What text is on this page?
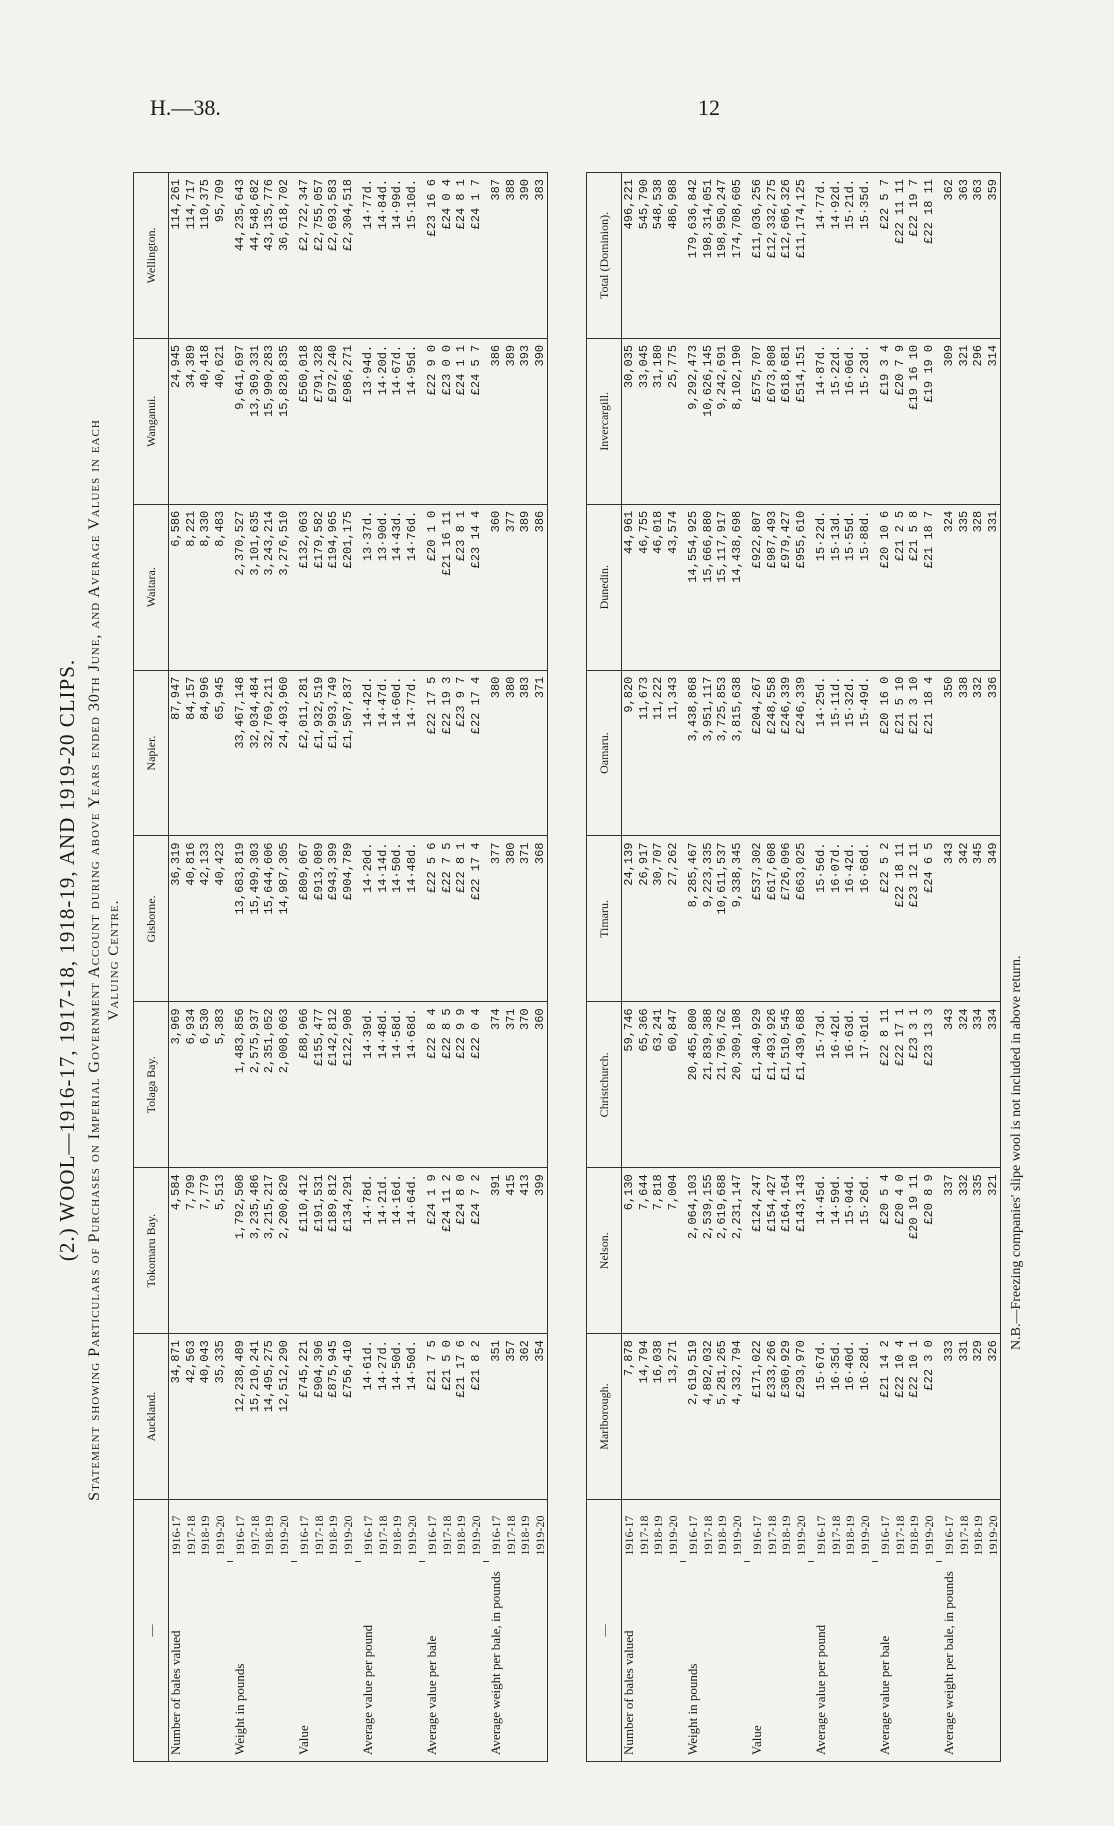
H.—38.	12
(2.) WOOL—1916-17, 1917-18, 1918-19, AND 1919-20 CLIPS. Statement showing Particulars of Purchases on Imperial Government Account during above Years ended 30th June, and Average Values in each Valuing Centre.
—		Auckland.	Tokomaru Bay.	Tolaga Bay.	Gisborne.	Napier.	Waitara.	Wanganui.	Wellington.
Number of bales valued	1916-17	34,871	4,584	3,969	36,319	87,947	6,586	24,945	114,261
	1917-18	42,563	7,799	6,934	40,816	84,157	8,221	34,389	114,717
	1918-19	40,043	7,779	6,530	42,133	84,996	8,330	40,418	110,375
	1919-20	35,335	5,513	5,383	40,423	65,945	8,483	40,621	95,709

Weight in pounds	1916-17	12,238,489	1,792,508	1,483,856	13,683,819	33,467,148	2,370,527	9,641,697	44,235,643
	1917-18	15,210,241	3,235,486	2,575,937	15,499,303	32,034,484	3,101,635	13,369,331	44,548,682
	1918-19	14,495,275	3,215,217	2,351,052	15,644,606	32,769,211	3,243,214	15,990,283	43,135,776
	1919-20	12,512,290	2,200,820	2,008,063	14,987,305	24,493,960	3,276,510	15,828,835	36,618,702

Value	1916-17	£745,221	£110,412	£88,966	£809,067	£2,011,281	£132,063	£560,018	£2,722,347
	1917-18	£904,396	£191,531	£155,477	£913,089	£1,932,519	£179,582	£791,328	£2,755,057
	1918-19	£875,945	£189,812	£142,812	£943,399	£1,993,749	£194,965	£972,240	£2,693,583
	1919-20	£756,410	£134,291	£122,908	£904,789	£1,507,837	£201,175	£986,271	£2,304,518

Average value per pound	1916-17	14·61d.	14·78d.	14·39d.	14·20d.	14·42d.	13·37d.	13·94d.	14·77d.
	1917-18	14·27d.	14·21d.	14·48d.	14·14d.	14·47d.	13·90d.	14·20d.	14·84d.
	1918-19	14·50d.	14·16d.	14·58d.	14·50d.	14·60d.	14·43d.	14·67d.	14·99d.
	1919-20	14·50d.	14·64d.	14·68d.	14·48d.	14·77d.	14·76d.	14·95d.	15·10d.

Average value per bale	1916-17	£21 7 5	£24 1 9	£22 8 4	£22 5 6	£22 17 5	£20 1 0	£22 9 0	£23 16 6
	1917-18	£21 5 0	£24 11 2	£22 8 5	£22 7 5	£22 19 3	£21 16 11	£23 0 0	£24 0 4
	1918-19	£21 17 6	£24 8 0	£22 9 9	£22 8 1	£23 9 7	£23 8 1	£24 1 1	£24 8 1
	1919-20	£21 8 2	£24 7 2	£22 0 4	£22 17 4	£22 17 4	£23 14 4	£24 5 7	£24 1 7

Average weight per bale, in pounds	1916-17	351	391	374	377	380	360	386	387
	1917-18	357	415	371	380	380	377	389	388
	1918-19	362	413	370	371	383	389	393	390
	1919-20	354	399	360	368	371	386	390	383

—		Marlborough.	Nelson.	Christchurch.	Timaru.	Oamaru.	Dunedin.	Invercargill.	Total (Dominion).
Number of bales valued	1916-17	7,878	6,130	59,746	24,139	9,820	44,961	30,035	496,221
	1917-18	14,794	7,644	65,366	26,917	11,673	46,755	33,045	545,790
	1918-19	16,038	7,818	63,241	30,707	11,222	46,018	31,180	548,538
	1919-20	13,271	7,004	60,847	27,262	11,343	43,574	25,775	486,988

Weight in pounds	1916-17	2,619,519	2,064,103	20,465,800	8,285,467	3,438,868	14,554,925	9,292,473	179,636,842
	1917-18	4,892,032	2,539,155	21,839,388	9,223,335	3,951,117	15,666,880	10,626,145	198,314,051
	1918-19	5,281,265	2,619,688	21,796,762	10,611,537	3,725,853	15,117,917	9,242,691	198,950,247
	1919-20	4,332,794	2,231,147	20,309,108	9,338,345	3,815,638	14,438,698	8,102,190	174,708,605

Value	1916-17	£171,022	£124,247	£1,340,929	£537,302	£204,267	£922,807	£575,707	£11,036,256
	1917-18	£333,266	£154,427	£1,493,926	£617,608	£248,558	£987,493	£673,808	£12,332,275
	1918-19	£360,929	£164,164	£1,510,545	£726,096	£246,339	£979,427	£618,681	£12,606,326
	1919-20	£293,970	£143,143	£1,439,688	£663,025	£246,339	£955,610	£514,151	£11,174,125

Average value per pound	1916-17	15·67d.	14·45d.	15·73d.	15·56d.	14·25d.	15·22d.	14·87d.	14·77d.
	1917-18	16·35d.	14·59d.	16·42d.	16·07d.	15·11d.	15·13d.	15·22d.	14·92d.
	1918-19	16·40d.	15·04d.	16·63d.	16·42d.	15·32d.	15·55d.	16·06d.	15·21d.
	1919-20	16·28d.	15·26d.	17·01d.	16·68d.	15·49d.	15·88d.	15·23d.	15·35d.

Average value per bale	1916-17	£21 14 2	£20 5 4	£22 8 11	£22 5 2	£20 16 0	£20 10 6	£19 3 4	£22 5 7
	1917-18	£22 10 4	£20 4 0	£22 17 1	£22 18 11	£21 5 10	£21 2 5	£20 7 9	£22 11 11
	1918-19	£22 10 1	£20 19 11	£23 3 1	£23 12 11	£21 3 10	£21 5 8	£19 16 10	£22 19 7
	1919-20	£22 3 0	£20 8 9	£23 13 3	£24 6 5	£21 18 4	£21 18 7	£19 19 0	£22 18 11

Average weight per bale, in pounds	1916-17	333	337	343	343	350	324	309	362
	1917-18	331	332	324	342	338	335	321	363
	1918-19	329	335	334	345	332	328	296	363
	1919-20	326	321	334	349	336	331	314	359
N.B.—Freezing companies' slipe wool is not included in above return.
